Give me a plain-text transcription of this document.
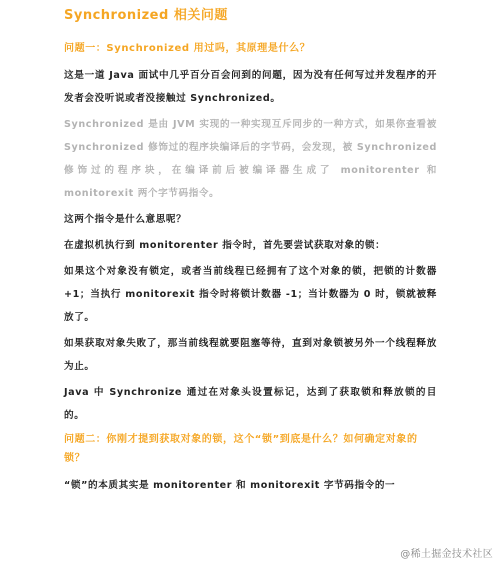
Synchronized 相关问题
问题一：Synchronized 用过吗，其原理是什么？
这是一道 Java 面试中几乎百分百会问到的问题，因为没有任何写过并发程序的开发者会没听说或者没接触过 Synchronized。
Synchronized 是由 JVM 实现的一种实现互斥同步的一种方式，如果你查看被 Synchronized 修饰过的程序块编译后的字节码，会发现，被 Synchronized 修饰过的程序块，在编译前后被编译器生成了 monitorenter 和 monitorexit 两个字节码指令。
这两个指令是什么意思呢？
在虚拟机执行到 monitorenter 指令时，首先要尝试获取对象的锁：
如果这个对象没有锁定，或者当前线程已经拥有了这个对象的锁，把锁的计数器 +1；当执行 monitorexit 指令时将锁计数器 -1；当计数器为 0 时，锁就被释放了。
如果获取对象失败了，那当前线程就要阻塞等待，直到对象锁被另外一个线程释放为止。
Java 中 Synchronize 通过在对象头设置标记，达到了获取锁和释放锁的目的。
问题二：你刚才提到获取对象的锁，这个“锁”到底是什么？如何确定对象的锁？
“锁”的本质其实是 monitorenter 和 monitorexit 字节码指令的一
@稀土掘金技术社区
